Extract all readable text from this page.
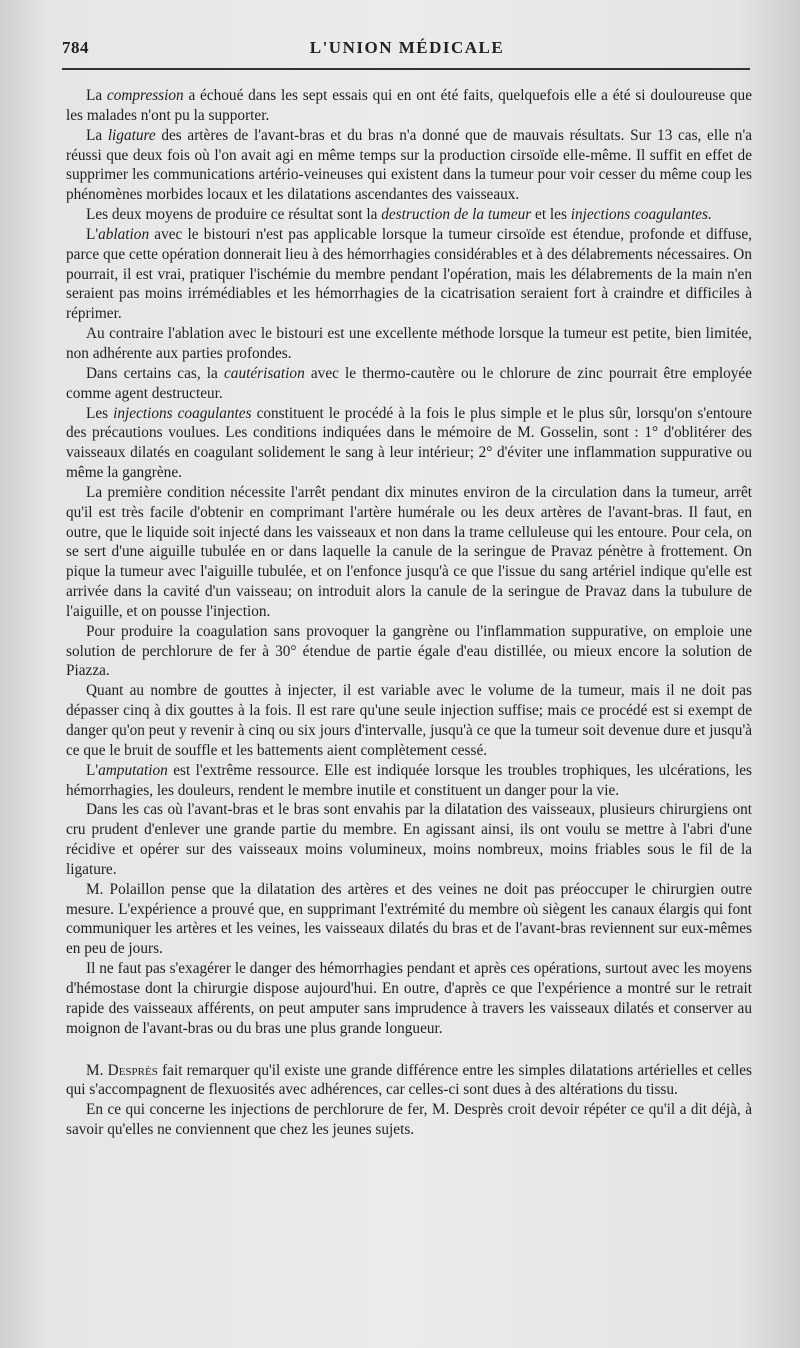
784	L'UNION MÉDICALE

La compression a échoué dans les sept essais qui en ont été faits, quelquefois elle a été si douloureuse que les malades n'ont pu la supporter.

La ligature des artères de l'avant-bras et du bras n'a donné que de mauvais résultats. Sur 13 cas, elle n'a réussi que deux fois où l'on avait agi en même temps sur la production cirsoïde elle-même. Il suffit en effet de supprimer les communications artério-veineuses qui existent dans la tumeur pour voir cesser du même coup les phénomènes morbides locaux et les dilatations ascendantes des vaisseaux.

Les deux moyens de produire ce résultat sont la destruction de la tumeur et les injections coagulantes.

L'ablation avec le bistouri n'est pas applicable lorsque la tumeur cirsoïde est étendue, profonde et diffuse, parce que cette opération donnerait lieu à des hémorrhagies considérables et à des délabrements nécessaires. On pourrait, il est vrai, pratiquer l'ischémie du membre pendant l'opération, mais les délabrements de la main n'en seraient pas moins irrémédiables et les hémorrhagies de la cicatrisation seraient fort à craindre et difficiles à réprimer.

Au contraire l'ablation avec le bistouri est une excellente méthode lorsque la tumeur est petite, bien limitée, non adhérente aux parties profondes.

Dans certains cas, la cautérisation avec le thermo-cautère ou le chlorure de zinc pourrait être employée comme agent destructeur.

Les injections coagulantes constituent le procédé à la fois le plus simple et le plus sûr, lorsqu'on s'entoure des précautions voulues. Les conditions indiquées dans le mémoire de M. Gosselin, sont : 1° d'oblitérer des vaisseaux dilatés en coagulant solidement le sang à leur intérieur; 2° d'éviter une inflammation suppurative ou même la gangrène.

La première condition nécessite l'arrêt pendant dix minutes environ de la circulation dans la tumeur, arrêt qu'il est très facile d'obtenir en comprimant l'artère humérale ou les deux artères de l'avant-bras. Il faut, en outre, que le liquide soit injecté dans les vaisseaux et non dans la trame celluleuse qui les entoure. Pour cela, on se sert d'une aiguille tubulée en or dans laquelle la canule de la seringue de Pravaz pénètre à frottement. On pique la tumeur avec l'aiguille tubulée, et on l'enfonce jusqu'à ce que l'issue du sang artériel indique qu'elle est arrivée dans la cavité d'un vaisseau; on introduit alors la canule de la seringue de Pravaz dans la tubulure de l'aiguille, et on pousse l'injection.

Pour produire la coagulation sans provoquer la gangrène ou l'inflammation suppurative, on emploie une solution de perchlorure de fer à 30° étendue de partie égale d'eau distillée, ou mieux encore la solution de Piazza.

Quant au nombre de gouttes à injecter, il est variable avec le volume de la tumeur, mais il ne doit pas dépasser cinq à dix gouttes à la fois. Il est rare qu'une seule injection suffise; mais ce procédé est si exempt de danger qu'on peut y revenir à cinq ou six jours d'intervalle, jusqu'à ce que la tumeur soit devenue dure et jusqu'à ce que le bruit de souffle et les battements aient complètement cessé.

L'amputation est l'extrême ressource. Elle est indiquée lorsque les troubles trophiques, les ulcérations, les hémorrhagies, les douleurs, rendent le membre inutile et constituent un danger pour la vie.

Dans les cas où l'avant-bras et le bras sont envahis par la dilatation des vaisseaux, plusieurs chirurgiens ont cru prudent d'enlever une grande partie du membre. En agissant ainsi, ils ont voulu se mettre à l'abri d'une récidive et opérer sur des vaisseaux moins volumineux, moins nombreux, moins friables sous le fil de la ligature.

M. Polaillon pense que la dilatation des artères et des veines ne doit pas préoccuper le chirurgien outre mesure. L'expérience a prouvé que, en supprimant l'extrémité du membre où siègent les canaux élargis qui font communiquer les artères et les veines, les vaisseaux dilatés du bras et de l'avant-bras reviennent sur eux-mêmes en peu de jours.

Il ne faut pas s'exagérer le danger des hémorrhagies pendant et après ces opérations, surtout avec les moyens d'hémostase dont la chirurgie dispose aujourd'hui. En outre, d'après ce que l'expérience a montré sur le retrait rapide des vaisseaux afférents, on peut amputer sans imprudence à travers les vaisseaux dilatés et conserver au moignon de l'avant-bras ou du bras une plus grande longueur.

M. Desprès fait remarquer qu'il existe une grande différence entre les simples dilatations artérielles et celles qui s'accompagnent de flexuosités avec adhérences, car celles-ci sont dues à des altérations du tissu.

En ce qui concerne les injections de perchlorure de fer, M. Desprès croit devoir répéter ce qu'il a dit déjà, à savoir qu'elles ne conviennent que chez les jeunes sujets.
